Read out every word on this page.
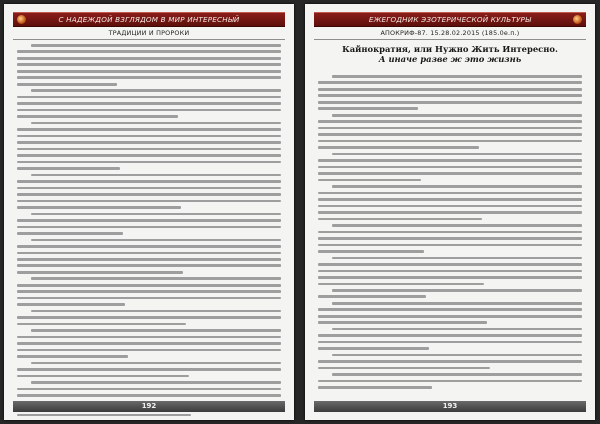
С НАДЕЖДОЙ ВЗГЛЯДОМ В МИР ИНТЕРЕСНЫЙ
ТРАДИЦИИ И ПРОРОКИ
192
ЕЖЕГОДНИК ЭЗОТЕРИЧЕСКОЙ КУЛЬТУРЫ
АПОКРИФ-87. 15.28.02.2015 (185.0е.п.)
Кайнократия, или Нужно Жить Интересно.
А иначе разве ж это жизнь
193
